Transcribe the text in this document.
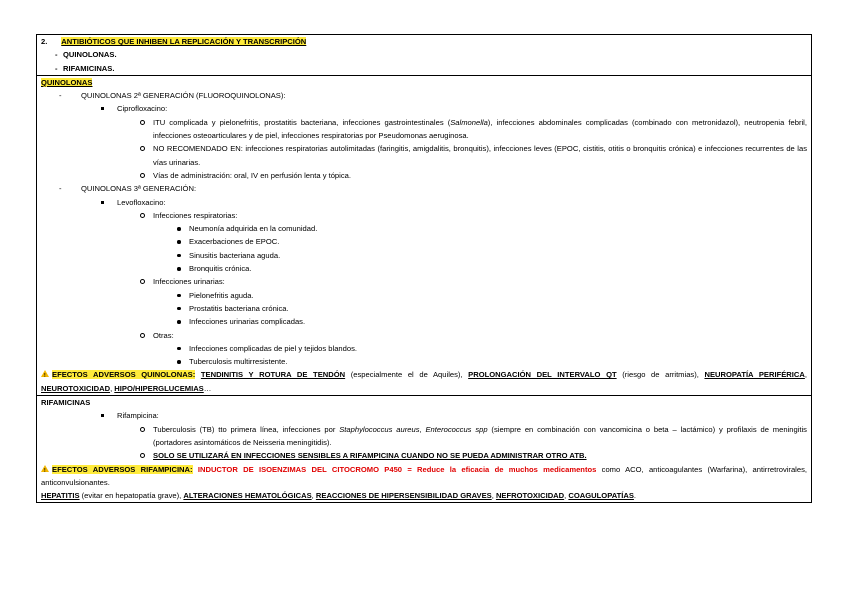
2. ANTIBIÓTICOS QUE INHIBEN LA REPLICACIÓN Y TRANSCRIPCIÓN
- QUINOLONAS.
- RIFAMICINAS.
QUINOLONAS
-	QUINOLONAS 2ª GENERACIÓN (FLUOROQUINOLONAS):
Ciprofloxacino:
ITU complicada y pielonefritis, prostatitis bacteriana, infecciones gastrointestinales (Salmonella), infecciones abdominales complicadas (combinado con metronidazol), neutropenia febril, infecciones osteoarticulares y de piel, infecciones respiratorias por Pseudomonas aeruginosa.
NO RECOMENDADO EN: infecciones respiratorias autolimitadas (faringitis, amigdalitis, bronquitis), infecciones leves (EPOC, cistitis, otitis o bronquitis crónica) e infecciones recurrentes de las vías urinarias.
Vías de administración: oral, IV en perfusión lenta y tópica.
-	QUINOLONAS 3ª GENERACIÓN:
Levofloxacino:
Infecciones respiratorias:
Neumonía adquirida en la comunidad.
Exacerbaciones de EPOC.
Sinusitis bacteriana aguda.
Bronquitis crónica.
Infecciones urinarias:
Pielonefritis aguda.
Prostatitis bacteriana crónica.
Infecciones urinarias complicadas.
Otras:
Infecciones complicadas de piel y tejidos blandos.
Tuberculosis multirresistente.
!EFECTOS ADVERSOS QUINOLONAS: TENDINITIS Y ROTURA DE TENDÓN (especialmente el de Aquiles), PROLONGACIÓN DEL INTERVALO QT (riesgo de arritmias), NEUROPATÍA PERIFÉRICA, NEUROTOXICIDAD, HIPO/HIPERGLUCEMIAS…
RIFAMICINAS
Rifampicina:
Tuberculosis (TB) tto primera línea, infecciones por Staphylococcus aureus, Enterococcus spp (siempre en combinación con vancomicina o beta – lactámico) y profilaxis de meningitis (portadores asintomáticos de Neisseria meningitidis).
SOLO SE UTILIZARÁ EN INFECCIONES SENSIBLES A RIFAMPICINA CUANDO NO SE PUEDA ADMINISTRAR OTRO ATB.
!EFECTOS ADVERSOS RIFAMPICINA: INDUCTOR DE ISOENZIMAS DEL CITOCROMO P450 = Reduce la eficacia de muchos medicamentos como ACO, anticoagulantes (Warfarina), antirretrovirales, anticonvulsionantes.
HEPATITIS (evitar en hepatopatía grave), ALTERACIONES HEMATOLÓGICAS, REACCIONES DE HIPERSENSIBILIDAD GRAVES, NEFROTOXICIDAD, COAGULOPATÍAS.
